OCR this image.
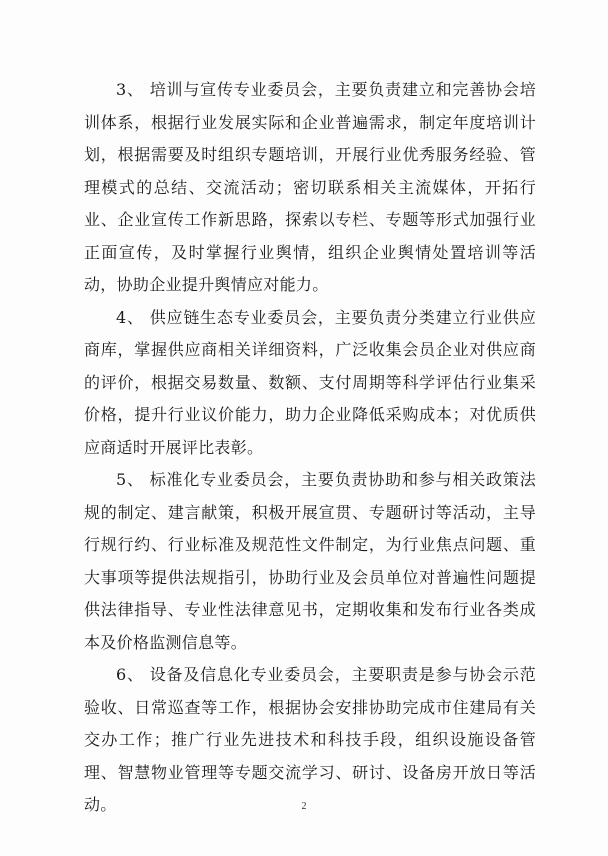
3、 培训与宣传专业委员会，主要负责建立和完善协会培训体系，根据行业发展实际和企业普遍需求，制定年度培训计划，根据需要及时组织专题培训，开展行业优秀服务经验、管理模式的总结、交流活动；密切联系相关主流媒体，开拓行业、企业宣传工作新思路，探索以专栏、专题等形式加强行业正面宣传，及时掌握行业舆情，组织企业舆情处置培训等活动，协助企业提升舆情应对能力。

4、 供应链生态专业委员会，主要负责分类建立行业供应商库，掌握供应商相关详细资料，广泛收集会员企业对供应商的评价，根据交易数量、数额、支付周期等科学评估行业集采价格，提升行业议价能力，助力企业降低采购成本；对优质供应商适时开展评比表彰。

5、 标准化专业委员会，主要负责协助和参与相关政策法规的制定、建言献策，积极开展宣贯、专题研讨等活动，主导行规行约、行业标准及规范性文件制定，为行业焦点问题、重大事项等提供法规指引，协助行业及会员单位对普遍性问题提供法律指导、专业性法律意见书，定期收集和发布行业各类成本及价格监测信息等。

6、 设备及信息化专业委员会，主要职责是参与协会示范验收、日常巡查等工作，根据协会安排协助完成市住建局有关交办工作；推广行业先进技术和科技手段，组织设施设备管理、智慧物业管理等专题交流学习、研讨、设备房开放日等活动。	2
